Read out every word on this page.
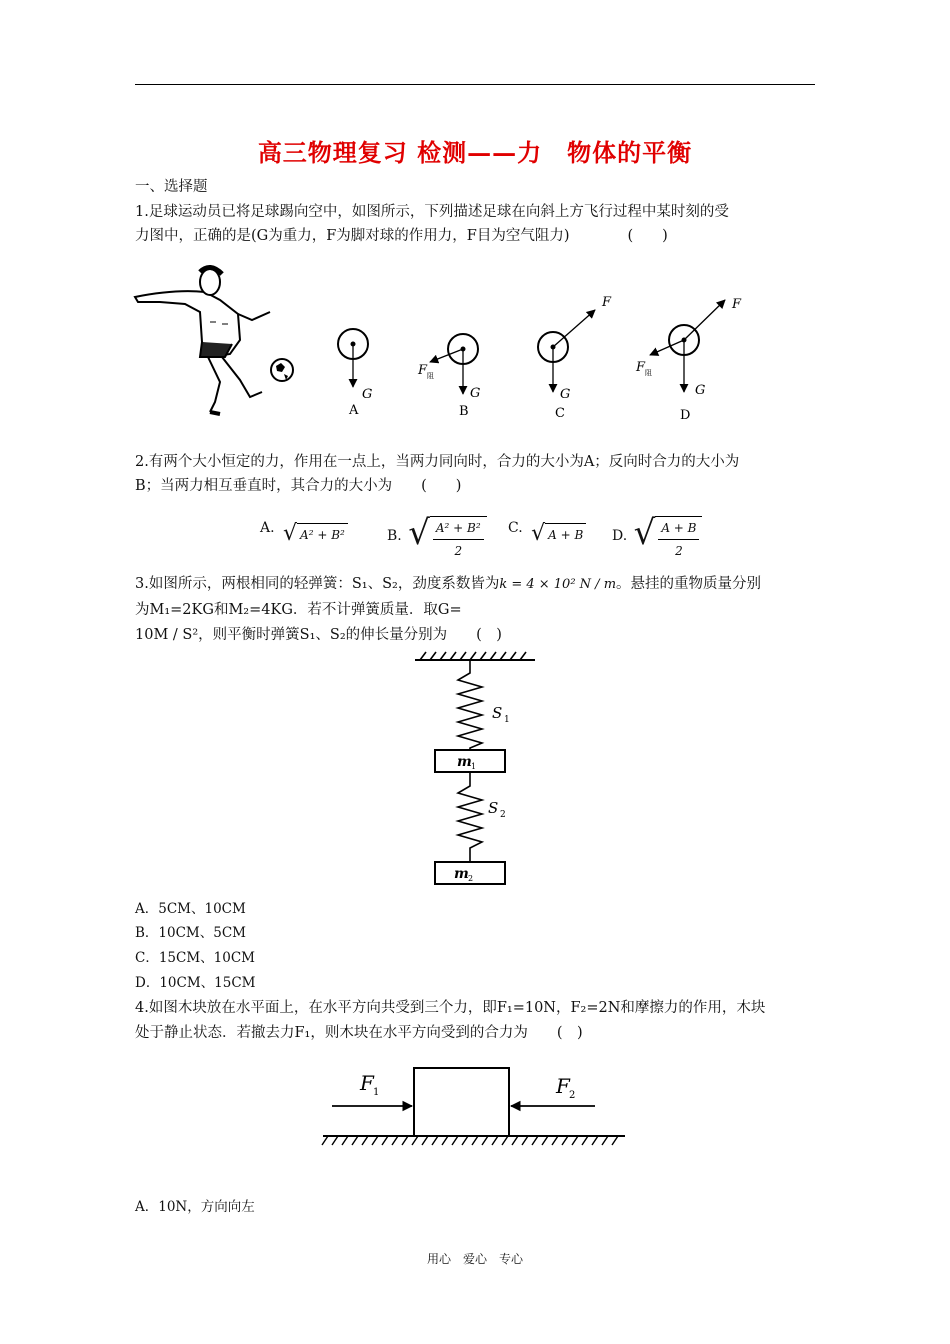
高三物理复习 检测——力　物体的平衡
一、选择题
1.足球运动员已将足球踢向空中，如图所示，下列描述足球在向斜上方飞行过程中某时刻的受
力图中，正确的是(G为重力，F为脚对球的作用力，F目为空气阻力)　　　　(　　)
G
A
F 阻
G
B
F
G
C
F
F 阻
G
D
2.有两个大小恒定的力，作用在一点上，当两力同向时，合力的大小为A；反向时合力的大小为
B；当两力相互垂直时，其合力的大小为　　(　　)
A. √ A² + B²	B. √ $\frac{\text{A² + B²}}{2} C$. √ A + B D. √ $\frac{A + B}{2}$
3.如图所示，两根相同的轻弹簧：S₁、S₂，劲度系数皆为k = 4 × 10² N / m。悬挂的重物质量分别
为M₁=2KG和M₂=4KG．若不计弹簧质量．取G=
10M / S²，则平衡时弹簧S₁、S₂的伸长量分别为　　(　)
S 1
m 1
S 2
m 2
A．5CM、10CM
B．10CM、5CM
C．15CM、10CM
D．10CM、15CM
4.如图木块放在水平面上，在水平方向共受到三个力，即F₁=10N，F₂=2N和摩擦力的作用，木块
处于静止状态．若撤去力F₁，则木块在水平方向受到的合力为　　(　)
F 1	F 2
A．10N，方向向左
用心　爱心　专心
